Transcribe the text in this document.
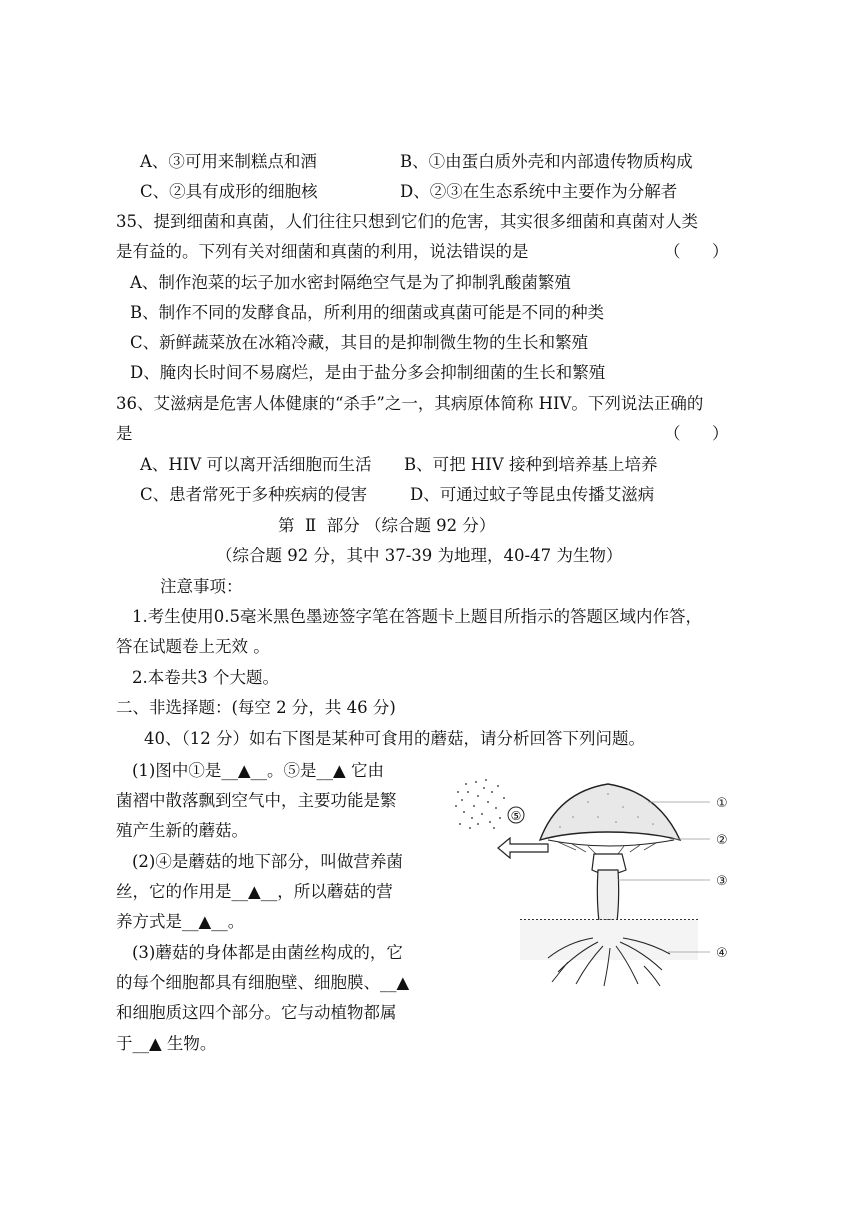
A、③可用来制糕点和酒	B、①由蛋白质外壳和内部遗传物质构成
C、②具有成形的细胞核	D、②③在生态系统中主要作为分解者
35、提到细菌和真菌，人们往往只想到它们的危害，其实很多细菌和真菌对人类
是有益的。下列有关对细菌和真菌的利用，说法错误的是	（      ）
A、制作泡菜的坛子加水密封隔绝空气是为了抑制乳酸菌繁殖
B、制作不同的发酵食品，所利用的细菌或真菌可能是不同的种类
C、新鲜蔬菜放在冰箱冷藏，其目的是抑制微生物的生长和繁殖
D、腌肉长时间不易腐烂，是由于盐分多会抑制细菌的生长和繁殖
36、艾滋病是危害人体健康的“杀手”之一，其病原体简称 HIV。下列说法正确的
是	（      ）
A、HIV 可以离开活细胞而生活 B、可把 HIV 接种到培养基上培养
C、患者常死于多种疾病的侵害	D、可通过蚊子等昆虫传播艾滋病
第  Ⅱ  部分 （综合题 92 分）
（综合题 92 分，其中 37-39 为地理，40-47 为生物）
注意事项：
1.考生使用0.5毫米黑色墨迹签字笔在答题卡上题目所指示的答题区域内作答，
答在试题卷上无效 。
2.本卷共3 个大题。
二、非选择题：(每空 2 分，共 46 分)
40、（12 分）如右下图是某种可食用的蘑菇，请分析回答下列问题。
(1)图中①是__▲__。⑤是__▲ 它由
菌褶中散落飘到空气中，主要功能是繁
殖产生新的蘑菇。
(2)④是蘑菇的地下部分，叫做营养菌
丝，它的作用是__▲__，所以蘑菇的营
养方式是__▲__。
(3)蘑菇的身体都是由菌丝构成的，它
的每个细胞都具有细胞壁、细胞膜、__▲
和细胞质这四个部分。它与动植物都属
于__▲ 生物。
⑤
①
②
③
④
